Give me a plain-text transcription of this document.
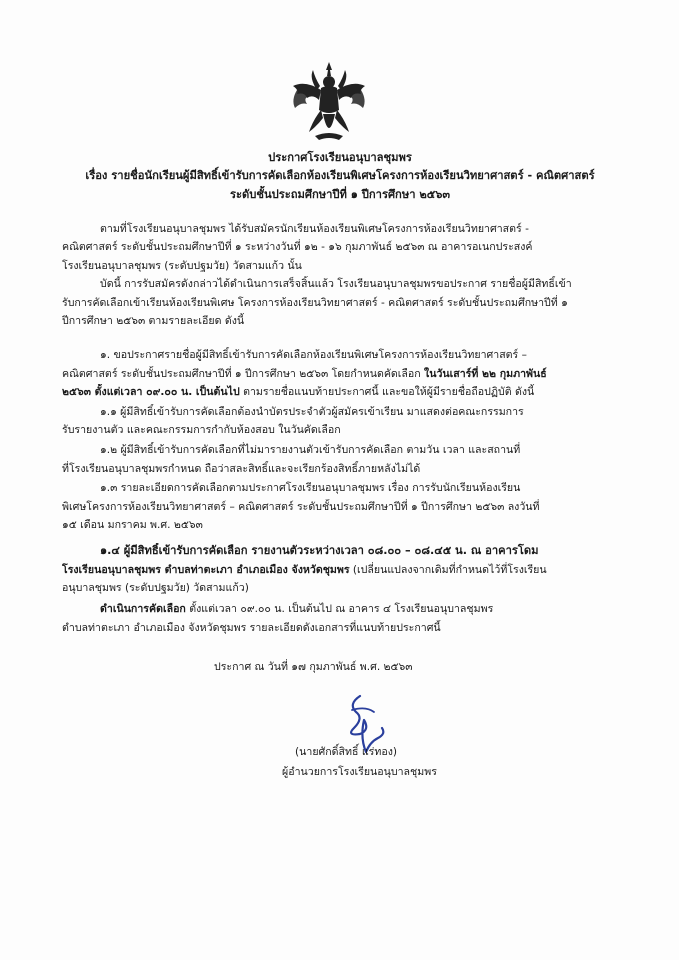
ประกาศโรงเรียนอนุบาลชุมพร
เรื่อง รายชื่อนักเรียนผู้มีสิทธิ์เข้ารับการคัดเลือกห้องเรียนพิเศษโครงการห้องเรียนวิทยาศาสตร์ - คณิตศาสตร์
ระดับชั้นประถมศึกษาปีที่ ๑ ปีการศึกษา ๒๕๖๓
ตามที่โรงเรียนอนุบาลชุมพร ได้รับสมัครนักเรียนห้องเรียนพิเศษโครงการห้องเรียนวิทยาศาสตร์ -
คณิตศาสตร์ ระดับชั้นประถมศึกษาปีที่ ๑ ระหว่างวันที่ ๑๒ - ๑๖ กุมภาพันธ์ ๒๕๖๓ ณ อาคารอเนกประสงค์
โรงเรียนอนุบาลชุมพร (ระดับปฐมวัย) วัดสามแก้ว นั้น
บัดนี้ การรับสมัครดังกล่าวได้ดำเนินการเสร็จสิ้นแล้ว โรงเรียนอนุบาลชุมพรขอประกาศ รายชื่อผู้มีสิทธิ์เข้า
รับการคัดเลือกเข้าเรียนห้องเรียนพิเศษ โครงการห้องเรียนวิทยาศาสตร์ - คณิตศาสตร์ ระดับชั้นประถมศึกษาปีที่ ๑
ปีการศึกษา ๒๕๖๓ ตามรายละเอียด ดังนี้
๑. ขอประกาศรายชื่อผู้มีสิทธิ์เข้ารับการคัดเลือกห้องเรียนพิเศษโครงการห้องเรียนวิทยาศาสตร์ –
คณิตศาสตร์ ระดับชั้นประถมศึกษาปีที่ ๑ ปีการศึกษา ๒๕๖๓ โดยกำหนดคัดเลือก ในวันเสาร์ที่ ๒๒ กุมภาพันธ์
๒๕๖๓ ตั้งแต่เวลา ๐๙.๐๐ น. เป็นต้นไป ตามรายชื่อแนบท้ายประกาศนี้ และขอให้ผู้มีรายชื่อถือปฏิบัติ ดังนี้
๑.๑ ผู้มีสิทธิ์เข้ารับการคัดเลือกต้องนำบัตรประจำตัวผู้สมัครเข้าเรียน มาแสดงต่อคณะกรรมการ
รับรายงานตัว และคณะกรรมการกำกับห้องสอบ ในวันคัดเลือก
๑.๒ ผู้มีสิทธิ์เข้ารับการคัดเลือกที่ไม่มารายงานตัวเข้ารับการคัดเลือก ตามวัน เวลา และสถานที่
ที่โรงเรียนอนุบาลชุมพรกำหนด ถือว่าสละสิทธิ์และจะเรียกร้องสิทธิ์ภายหลังไม่ได้
๑.๓ รายละเอียดการคัดเลือกตามประกาศโรงเรียนอนุบาลชุมพร เรื่อง การรับนักเรียนห้องเรียน
พิเศษโครงการห้องเรียนวิทยาศาสตร์ – คณิตศาสตร์ ระดับชั้นประถมศึกษาปีที่ ๑ ปีการศึกษา ๒๕๖๓ ลงวันที่
๑๕ เดือน มกราคม พ.ศ. ๒๕๖๓
๑.๔ ผู้มีสิทธิ์เข้ารับการคัดเลือก รายงานตัวระหว่างเวลา ๐๘.๐๐ – ๐๘.๔๕ น. ณ อาคารโดม
โรงเรียนอนุบาลชุมพร ตำบลท่าตะเภา อำเภอเมือง จังหวัดชุมพร (เปลี่ยนแปลงจากเดิมที่กำหนดไว้ที่โรงเรียน
อนุบาลชุมพร (ระดับปฐมวัย) วัดสามแก้ว)
ดำเนินการคัดเลือก ตั้งแต่เวลา ๐๙.๐๐ น. เป็นต้นไป ณ อาคาร ๔ โรงเรียนอนุบาลชุมพร
ตำบลท่าตะเภา อำเภอเมือง จังหวัดชุมพร รายละเอียดดังเอกสารที่แนบท้ายประกาศนี้
ประกาศ ณ วันที่ ๑๗ กุมภาพันธ์ พ.ศ. ๒๕๖๓
(นายศักดิ์สิทธิ์ แร่ทอง)
ผู้อำนวยการโรงเรียนอนุบาลชุมพร
